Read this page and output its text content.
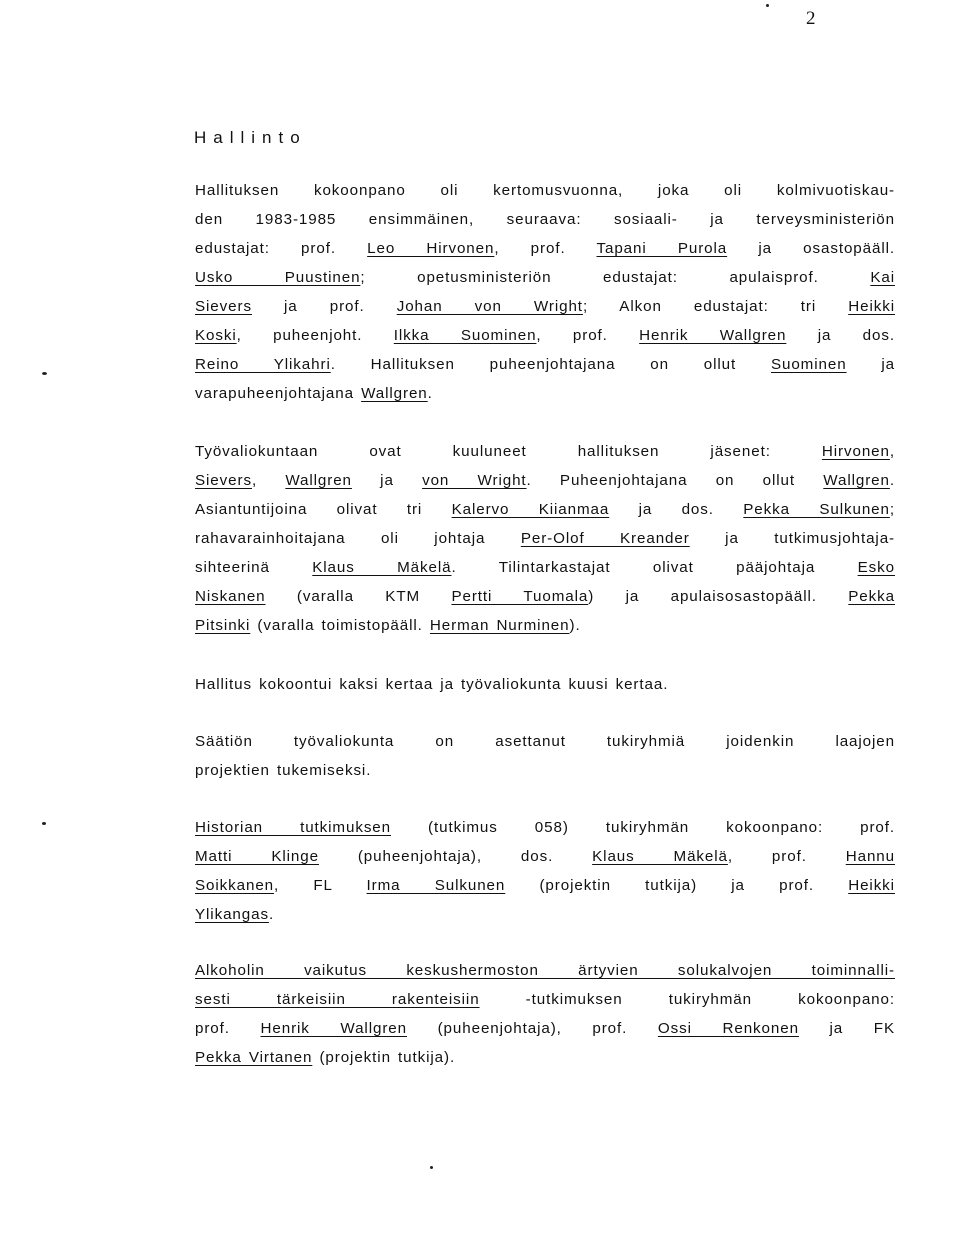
2
Hallinto
Hallituksen kokoonpano oli kertomusvuonna, joka oli kolmivuotiskau-
den 1983-1985 ensimmäinen, seuraava: sosiaali- ja terveysministeriön
edustajat: prof. Leo Hirvonen, prof. Tapani Purola ja osastopääll.
Usko Puustinen; opetusministeriön edustajat: apulaisprof. Kai
Sievers ja prof. Johan von Wright; Alkon edustajat: tri Heikki
Koski, puheenjoht. Ilkka Suominen, prof. Henrik Wallgren ja dos.
Reino Ylikahri. Hallituksen puheenjohtajana on ollut Suominen ja
varapuheenjohtajana Wallgren.
Työvaliokuntaan ovat kuuluneet hallituksen jäsenet: Hirvonen,
Sievers, Wallgren ja von Wright. Puheenjohtajana on ollut Wallgren.
Asiantuntijoina olivat tri Kalervo Kiianmaa ja dos. Pekka Sulkunen;
rahavarainhoitajana oli johtaja Per-Olof Kreander ja tutkimusjohtaja-
sihteerinä Klaus Mäkelä. Tilintarkastajat olivat pääjohtaja Esko
Niskanen (varalla KTM Pertti Tuomala) ja apulaisosastopääll. Pekka
Pitsinki (varalla toimistopääll. Herman Nurminen).
Hallitus kokoontui kaksi kertaa ja työvaliokunta kuusi kertaa.
Säätiön työvaliokunta on asettanut tukiryhmiä joidenkin laajojen
projektien tukemiseksi.
Historian tutkimuksen (tutkimus 058) tukiryhmän kokoonpano: prof.
Matti Klinge (puheenjohtaja), dos. Klaus Mäkelä, prof. Hannu
Soikkanen, FL Irma Sulkunen (projektin tutkija) ja prof. Heikki
Ylikangas.
Alkoholin vaikutus keskushermoston ärtyvien solukalvojen toiminnalli-
sesti tärkeisiin rakenteisiin -tutkimuksen tukiryhmän kokoonpano:
prof. Henrik Wallgren (puheenjohtaja), prof. Ossi Renkonen ja FK
Pekka Virtanen (projektin tutkija).
